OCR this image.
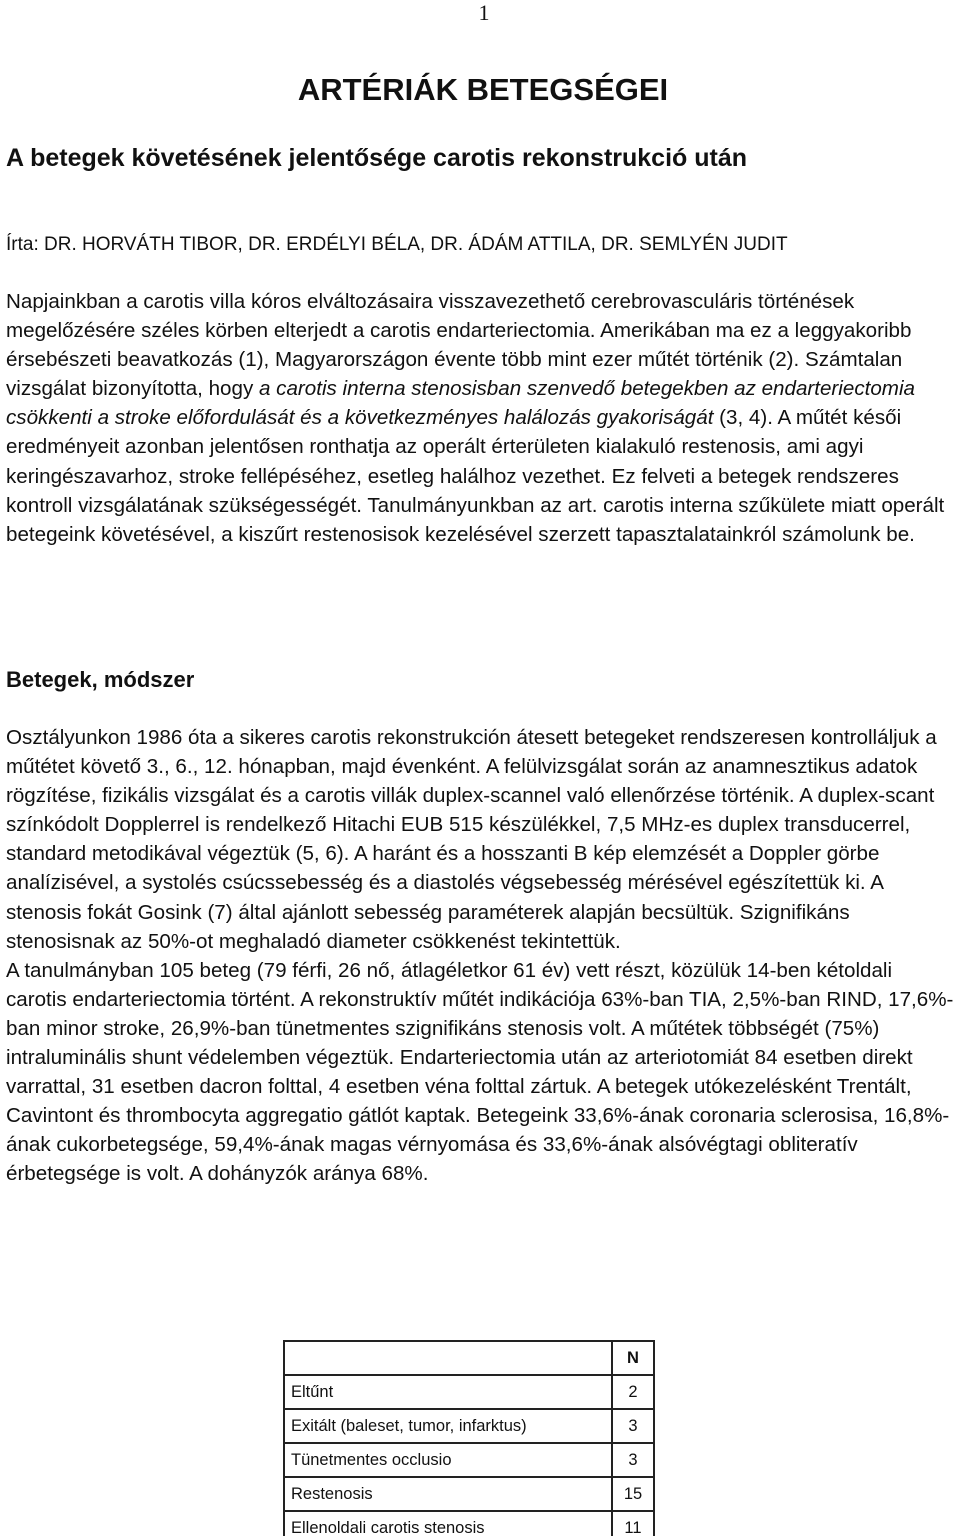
1
ARTÉRIÁK BETEGSÉGEI
A betegek követésének jelentősége carotis rekonstrukció után
Írta: DR. HORVÁTH TIBOR, DR. ERDÉLYI BÉLA, DR. ÁDÁM ATTILA, DR. SEMLYÉN JUDIT

Napjainkban a carotis villa kóros elváltozásaira visszavezethető cerebrovasculáris történések megelőzésére széles körben elterjedt a carotis endarteriectomia. Amerikában ma ez a leggyakoribb érsebészeti beavatkozás (1), Magyarországon évente több mint ezer műtét történik (2). Számtalan vizsgálat bizonyította, hogy a carotis interna stenosisban szenvedő betegekben az endarteriectomia csökkenti a stroke előfordulását és a következményes halálozás gyakoriságát (3, 4). A műtét késői eredményeit azonban jelentősen ronthatja az operált érterületen kialakuló restenosis, ami agyi keringészavarhoz, stroke fellépéséhez, esetleg halálhoz vezethet. Ez felveti a betegek rendszeres kontroll vizsgálatának szükségességét. Tanulmányunkban az art. carotis interna szűkülete miatt operált betegeink követésével, a kiszűrt restenosisok kezelésével szerzett tapasztalatainkról számolunk be.

Betegek, módszer
Osztályunkon 1986 óta a sikeres carotis rekonstrukción átesett betegeket rendszeresen kontrolláljuk a műtétet követő 3., 6., 12. hónapban, majd évenként. A felülvizsgálat során az anamnesztikus adatok rögzítése, fizikális vizsgálat és a carotis villák duplex-scannel való ellenőrzése történik. A duplex-scant színkódolt Dopplerrel is rendelkező Hitachi EUB 515 készülékkel, 7,5 MHz-es duplex transducerrel, standard metodikával végeztük (5, 6). A haránt és a hosszanti B kép elemzését a Doppler görbe analízisével, a systolés csúcssebesség és a diastolés végsebesség mérésével egészítettük ki. A stenosis fokát Gosink (7) által ajánlott sebesség paraméterek alapján becsültük. Szignifikáns stenosisnak az 50%-ot meghaladó diameter csökkenést tekintettük.
A tanulmányban 105 beteg (79 férfi, 26 nő, átlagéletkor 61 év) vett részt, közülük 14-ben kétoldali carotis endarteriectomia történt. A rekonstruktív műtét indikációja 63%-ban TIA, 2,5%-ban RIND, 17,6%-ban minor stroke, 26,9%-ban tünetmentes szignifikáns stenosis volt. A műtétek többségét (75%) intraluminális shunt védelemben végeztük. Endarteriectomia után az arteriotomiát 84 esetben direkt varrattal, 31 esetben dacron folttal, 4 esetben véna folttal zártuk. A betegek utókezelésként Trentált, Cavintont és thrombocyta aggregatio gátlót kaptak. Betegeink 33,6%-ának coronaria sclerosisa, 16,8%-ának cukorbetegsége, 59,4%-ának magas vérnyomása és 33,6%-ának alsóvégtagi obliteratív érbetegsége is volt. A dohányzók aránya 68%.
	N
Eltűnt	2
Exitált (baleset, tumor, infarktus)	3
Tünetmentes occlusio	3
Restenosis	15
Ellenoldali carotis stenosis	11
